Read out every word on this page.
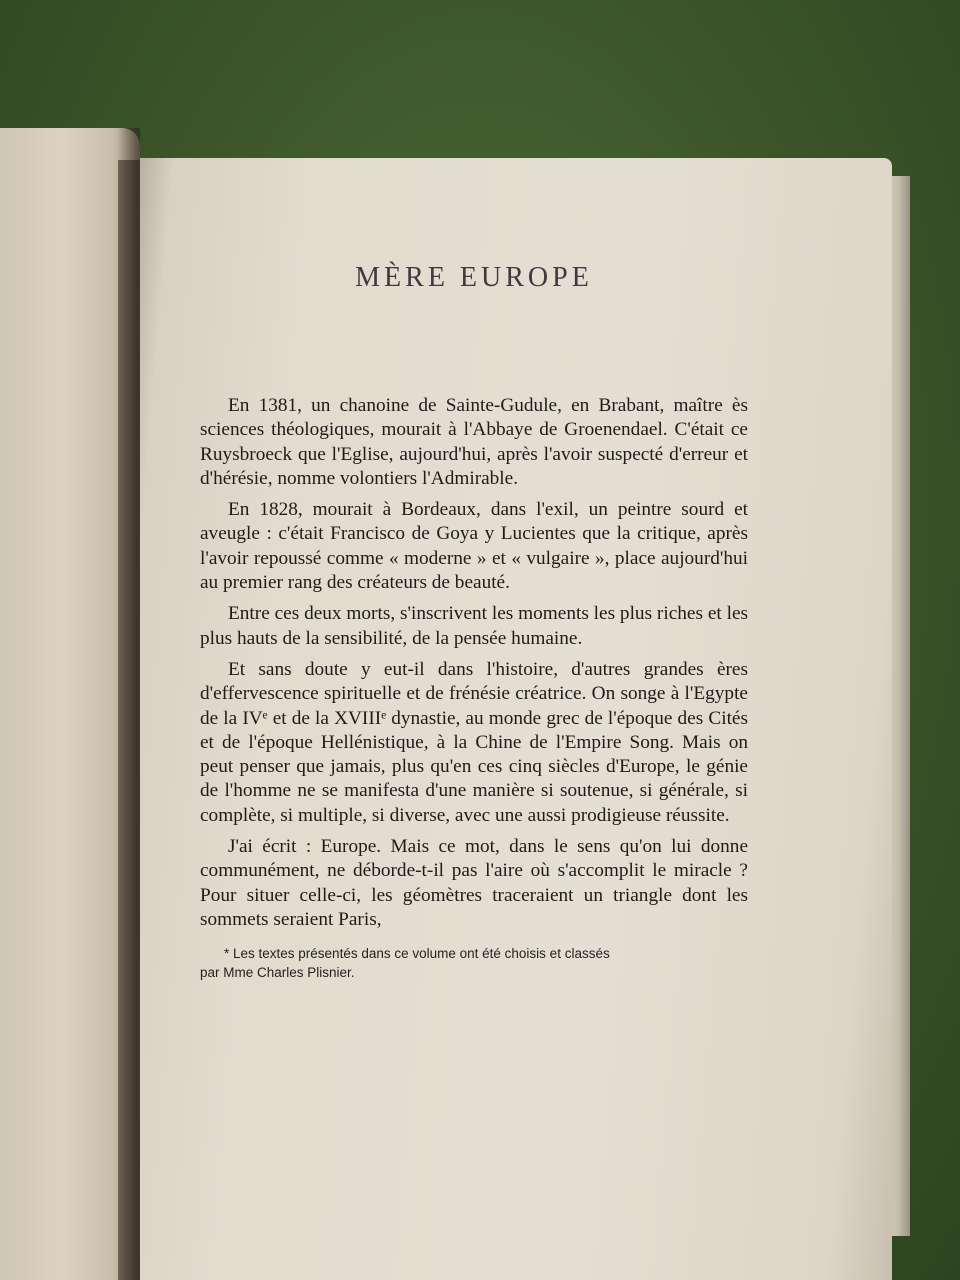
MÈRE EUROPE

En 1381, un chanoine de Sainte-Gudule, en Brabant, maître ès sciences théologiques, mourait à l'Abbaye de Groenendael. C'était ce Ruysbroeck que l'Eglise, aujourd'hui, après l'avoir suspecté d'erreur et d'hérésie, nomme volontiers l'Admirable.

En 1828, mourait à Bordeaux, dans l'exil, un peintre sourd et aveugle : c'était Francisco de Goya y Lucientes que la critique, après l'avoir repoussé comme « moderne » et « vulgaire », place aujourd'hui au premier rang des créateurs de beauté.

Entre ces deux morts, s'inscrivent les moments les plus riches et les plus hauts de la sensibilité, de la pensée humaine.

Et sans doute y eut-il dans l'histoire, d'autres grandes ères d'effervescence spirituelle et de frénésie créatrice. On songe à l'Egypte de la IVᵉ et de la XVIIIᵉ dynastie, au monde grec de l'époque des Cités et de l'époque Hellénistique, à la Chine de l'Empire Song. Mais on peut penser que jamais, plus qu'en ces cinq siècles d'Europe, le génie de l'homme ne se manifesta d'une manière si soutenue, si générale, si complète, si multiple, si diverse, avec une aussi prodigieuse réussite.

J'ai écrit : Europe. Mais ce mot, dans le sens qu'on lui donne communément, ne déborde-t-il pas l'aire où s'accomplit le miracle ? Pour situer celle-ci, les géomètres traceraient un triangle dont les sommets seraient Paris,

* Les textes présentés dans ce volume ont été choisis et classés
par Mme Charles Plisnier.
